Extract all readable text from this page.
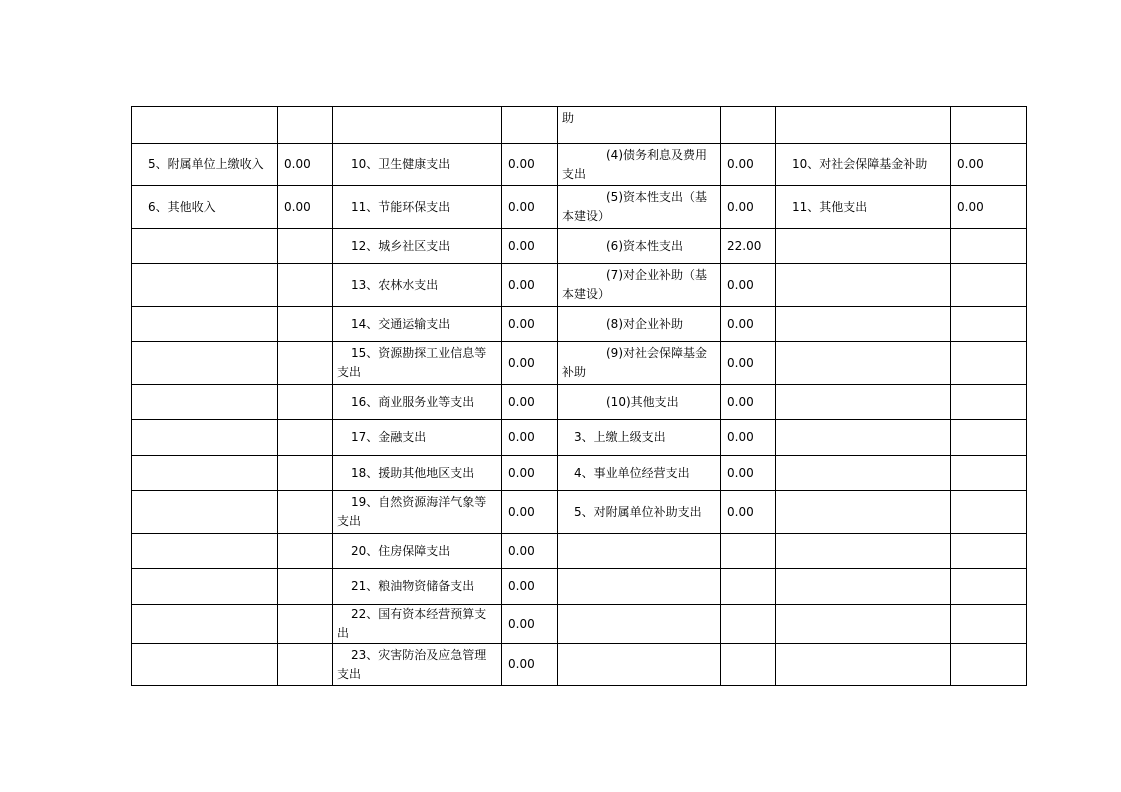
				助			
5、附属单位上缴收入	0.00	10、卫生健康支出	0.00	(4)债务利息及费用支出	0.00	10、对社会保障基金补助	0.00
6、其他收入	0.00	11、节能环保支出	0.00	(5)资本性支出（基本建设）	0.00	11、其他支出	0.00

		12、城乡社区支出	0.00	(6)资本性支出	22.00		

		13、农林水支出	0.00	(7)对企业补助（基本建设）	0.00		

		14、交通运输支出	0.00	(8)对企业补助	0.00		

		15、资源勘探工业信息等支出	0.00	(9)对社会保障基金补助	0.00		

		16、商业服务业等支出	0.00	(10)其他支出	0.00		

		17、金融支出	0.00	3、上缴上级支出	0.00		

		18、援助其他地区支出	0.00	4、事业单位经营支出	0.00		

		19、自然资源海洋气象等支出	0.00	5、对附属单位补助支出	0.00		

		20、住房保障支出	0.00				

		21、粮油物资储备支出	0.00				

		22、国有资本经营预算支出	0.00				

		23、灾害防治及应急管理支出	0.00				
